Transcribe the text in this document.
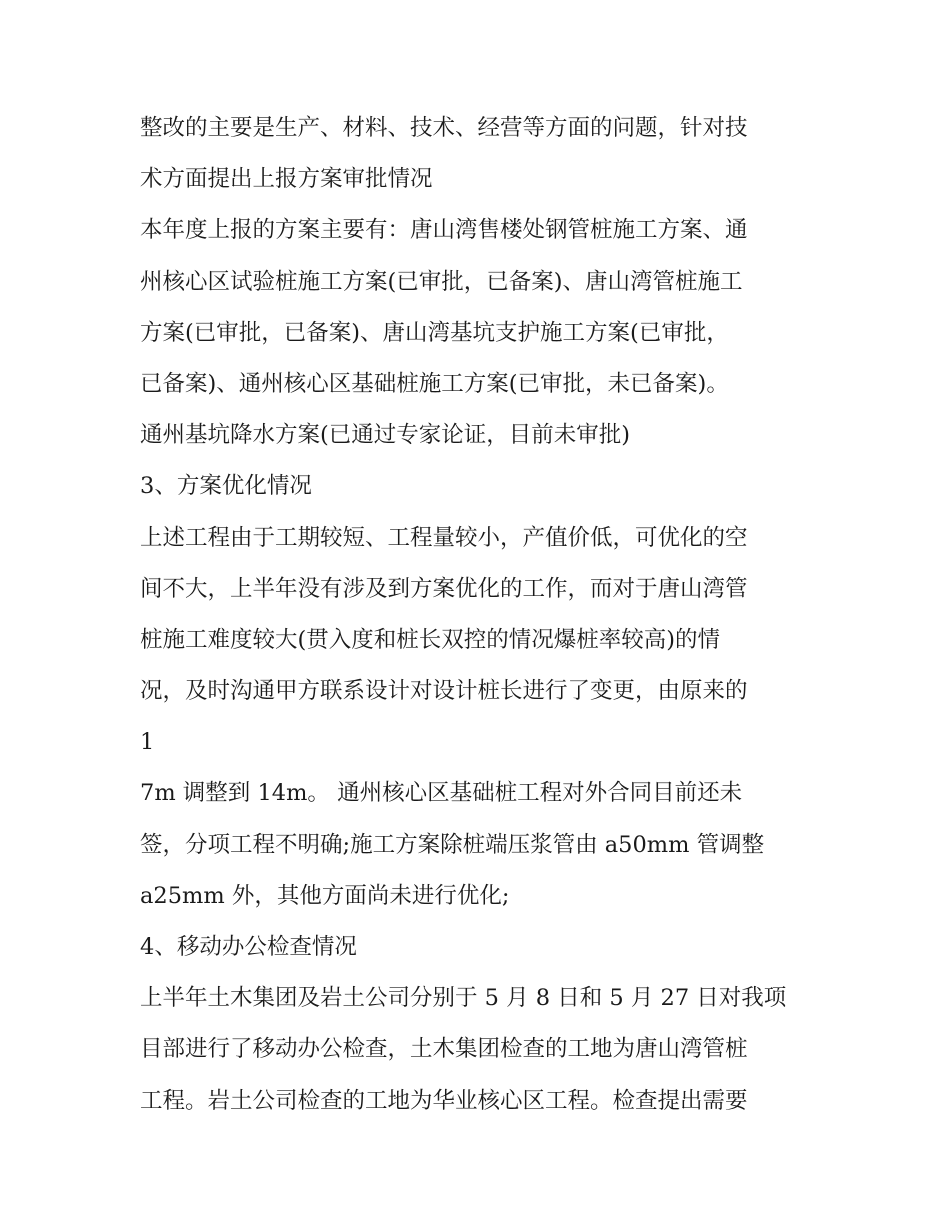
整改的主要是生产、材料、技术、经营等方面的问题，针对技
术方面提出上报方案审批情况
本年度上报的方案主要有：唐山湾售楼处钢管桩施工方案、通
州核心区试验桩施工方案(已审批，已备案)、唐山湾管桩施工
方案(已审批，已备案)、唐山湾基坑支护施工方案(已审批，
已备案)、通州核心区基础桩施工方案(已审批，未已备案)。
通州基坑降水方案(已通过专家论证，目前未审批)
3、方案优化情况
上述工程由于工期较短、工程量较小，产值价低，可优化的空
间不大，上半年没有涉及到方案优化的工作，而对于唐山湾管
桩施工难度较大(贯入度和桩长双控的情况爆桩率较高)的情
况，及时沟通甲方联系设计对设计桩长进行了变更，由原来的
1
7m 调整到 14m。 通州核心区基础桩工程对外合同目前还未
签，分项工程不明确;施工方案除桩端压浆管由 a50mm 管调整
a25mm 外，其他方面尚未进行优化;
4、移动办公检查情况
上半年土木集团及岩土公司分别于 5 月 8 日和 5 月 27 日对我项
目部进行了移动办公检查，土木集团检查的工地为唐山湾管桩
工程。岩土公司检查的工地为华业核心区工程。检查提出需要
